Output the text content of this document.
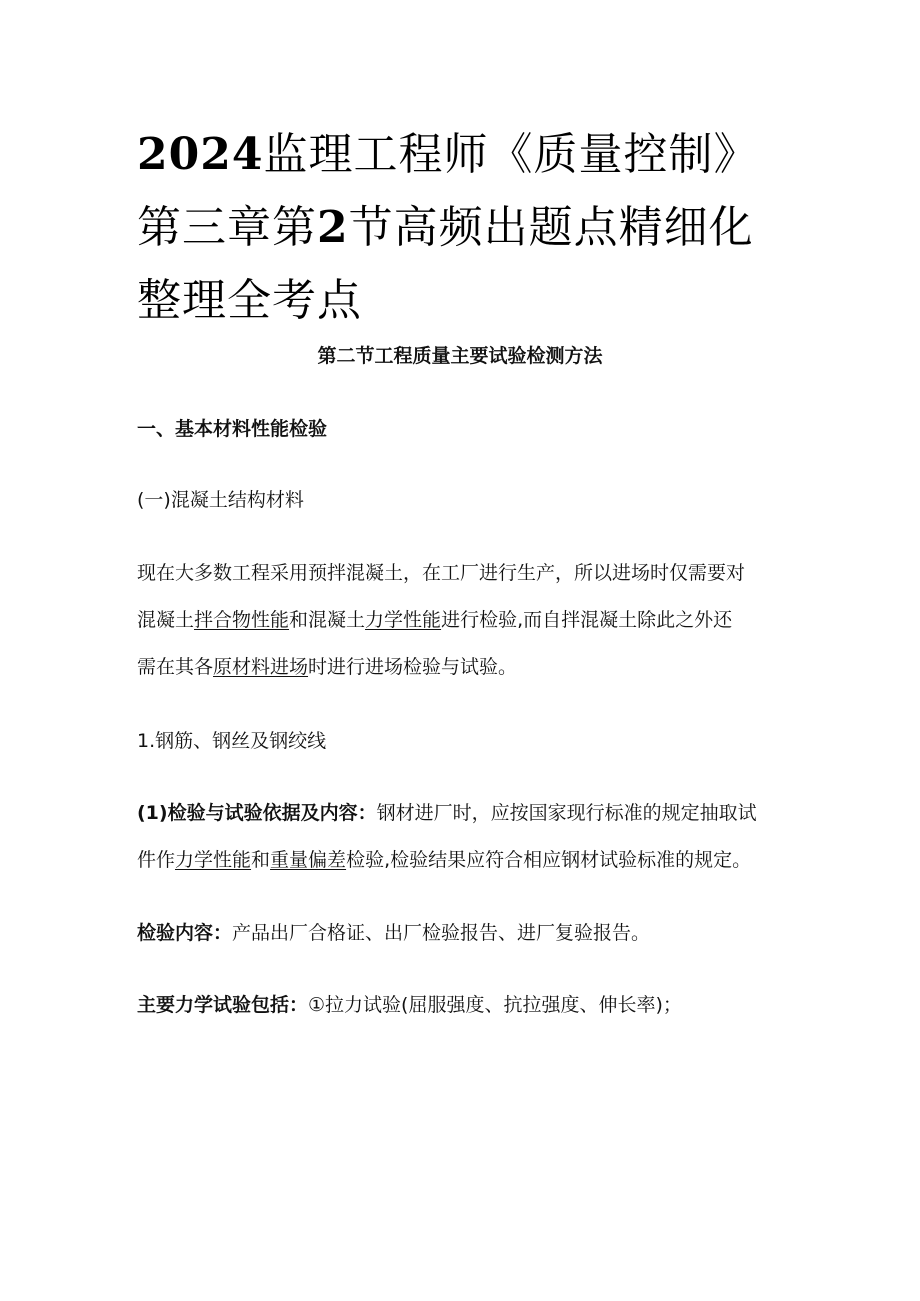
2024监理工程师《质量控制》第三章第2节高频出题点精细化整理全考点

第二节工程质量主要试验检测方法

一、基本材料性能检验

(一)混凝土结构材料

现在大多数工程采用预拌混凝土，在工厂进行生产，所以进场时仅需要对

混凝土拌合物性能和混凝土力学性能进行检验,而自拌混凝土除此之外还

需在其各原材料进场时进行进场检验与试验。

1.钢筋、钢丝及钢绞线

(1)检验与试验依据及内容：钢材进厂时，应按国家现行标准的规定抽取试

件作力学性能和重量偏差检验,检验结果应符合相应钢材试验标准的规定。

检验内容：产品出厂合格证、出厂检验报告、进厂复验报告。

主要力学试验包括：①拉力试验(屈服强度、抗拉强度、伸长率)；
